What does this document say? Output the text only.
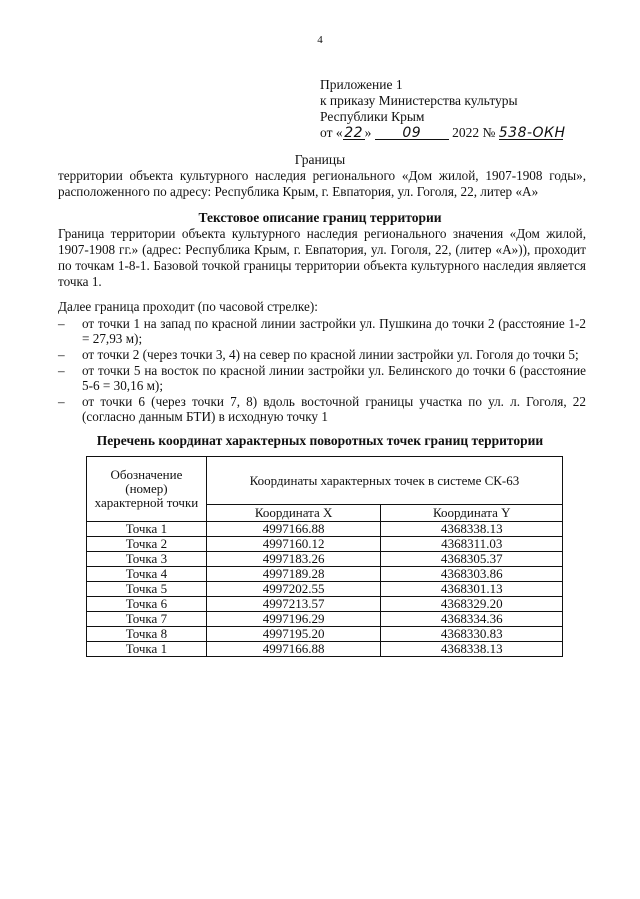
4
Приложение 1
к приказу Министерства культуры
Республики Крым
от « 22 » 09 2022 № 538-ОКН
Границы
территории объекта культурного наследия регионального «Дом жилой, 1907-1908 годы»,
расположенного по адресу: Республика Крым, г. Евпатория, ул. Гоголя, 22, литер «А»
Текстовое описание границ территории
Граница территории объекта культурного наследия регионального значения «Дом жилой, 1907-1908 гг.» (адрес: Республика Крым, г. Евпатория, ул. Гоголя, 22, (литер «А»)), проходит по точкам 1-8-1. Базовой точкой границы территории объекта культурного наследия является точка 1.
Далее граница проходит (по часовой стрелке):
–	от точки 1 на запад по красной линии застройки ул. Пушкина до точки 2 (расстояние 1-2 = 27,93 м);
–	от точки 2 (через точки 3, 4) на север по красной линии застройки ул. Гоголя до точки 5;
–	от точки 5 на восток по красной линии застройки ул. Белинского до точки 6 (расстояние 5-6 = 30,16 м);
–	от точки 6 (через точки 7, 8) вдоль восточной границы участка по ул. л. Гоголя, 22 (согласно данным БТИ) в исходную точку 1
Перечень координат характерных поворотных точек границ территории
Обозначение (номер) характерной точки	Координаты характерных точек в системе СК-63	
	Координата X	Координата Y
Точка 1	4997166.88	4368338.13
Точка 2	4997160.12	4368311.03
Точка 3	4997183.26	4368305.37
Точка 4	4997189.28	4368303.86
Точка 5	4997202.55	4368301.13
Точка 6	4997213.57	4368329.20
Точка 7	4997196.29	4368334.36
Точка 8	4997195.20	4368330.83
Точка 1	4997166.88	4368338.13
